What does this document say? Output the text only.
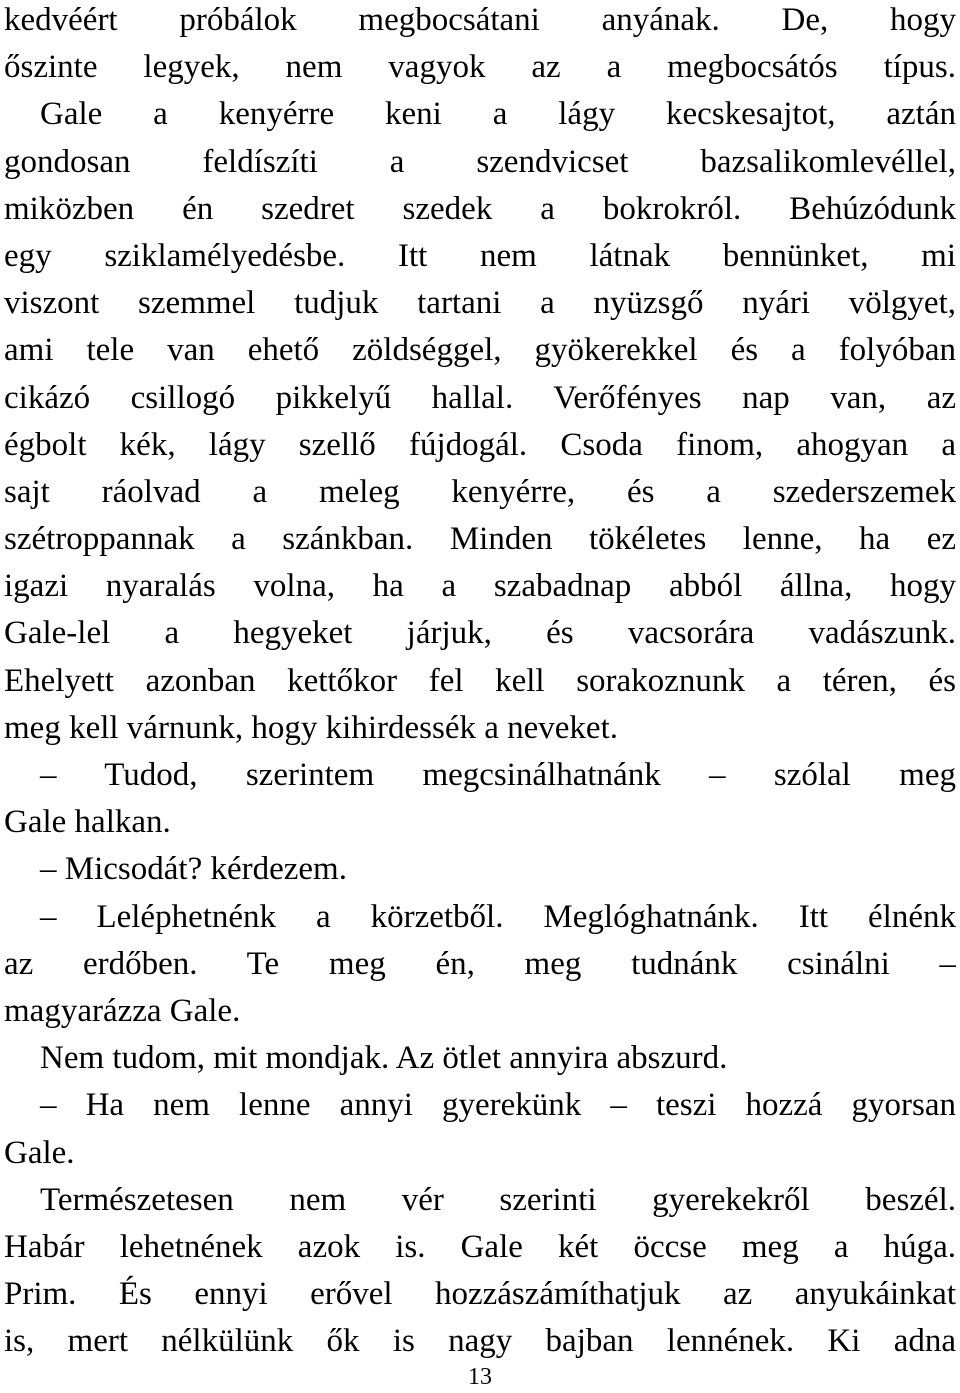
kedvéért próbálok megbocsátani anyának. De, hogy
őszinte legyek, nem vagyok az a megbocsátós típus.
Gale a kenyérre keni a lágy kecskesajtot, aztán
gondosan feldíszíti a szendvicset bazsalikomlevéllel,
miközben én szedret szedek a bokrokról. Behúzódunk
egy sziklamélyedésbe. Itt nem látnak bennünket, mi
viszont szemmel tudjuk tartani a nyüzsgő nyári völgyet,
ami tele van ehető zöldséggel, gyökerekkel és a folyóban
cikázó csillogó pikkelyű hallal. Verőfényes nap van, az
égbolt kék, lágy szellő fújdogál. Csoda finom, ahogyan a
sajt ráolvad a meleg kenyérre, és a szederszemek
szétroppannak a szánkban. Minden tökéletes lenne, ha ez
igazi nyaralás volna, ha a szabadnap abból állna, hogy
Gale-lel a hegyeket járjuk, és vacsorára vadászunk.
Ehelyett azonban kettőkor fel kell sorakoznunk a téren, és
meg kell várnunk, hogy kihirdessék a neveket.
– Tudod, szerintem megcsinálhatnánk – szólal meg
Gale halkan.
– Micsodát? kérdezem.
– Leléphetnénk a körzetből. Meglóghatnánk. Itt élnénk
az erdőben. Te meg én, meg tudnánk csinálni –
magyarázza Gale.
Nem tudom, mit mondjak. Az ötlet annyira abszurd.
– Ha nem lenne annyi gyerekünk – teszi hozzá gyorsan
Gale.
Természetesen nem vér szerinti gyerekekről beszél.
Habár lehetnének azok is. Gale két öccse meg a húga.
Prim. És ennyi erővel hozzászámíthatjuk az anyukáinkat
is, mert nélkülünk ők is nagy bajban lennének. Ki adna
13
